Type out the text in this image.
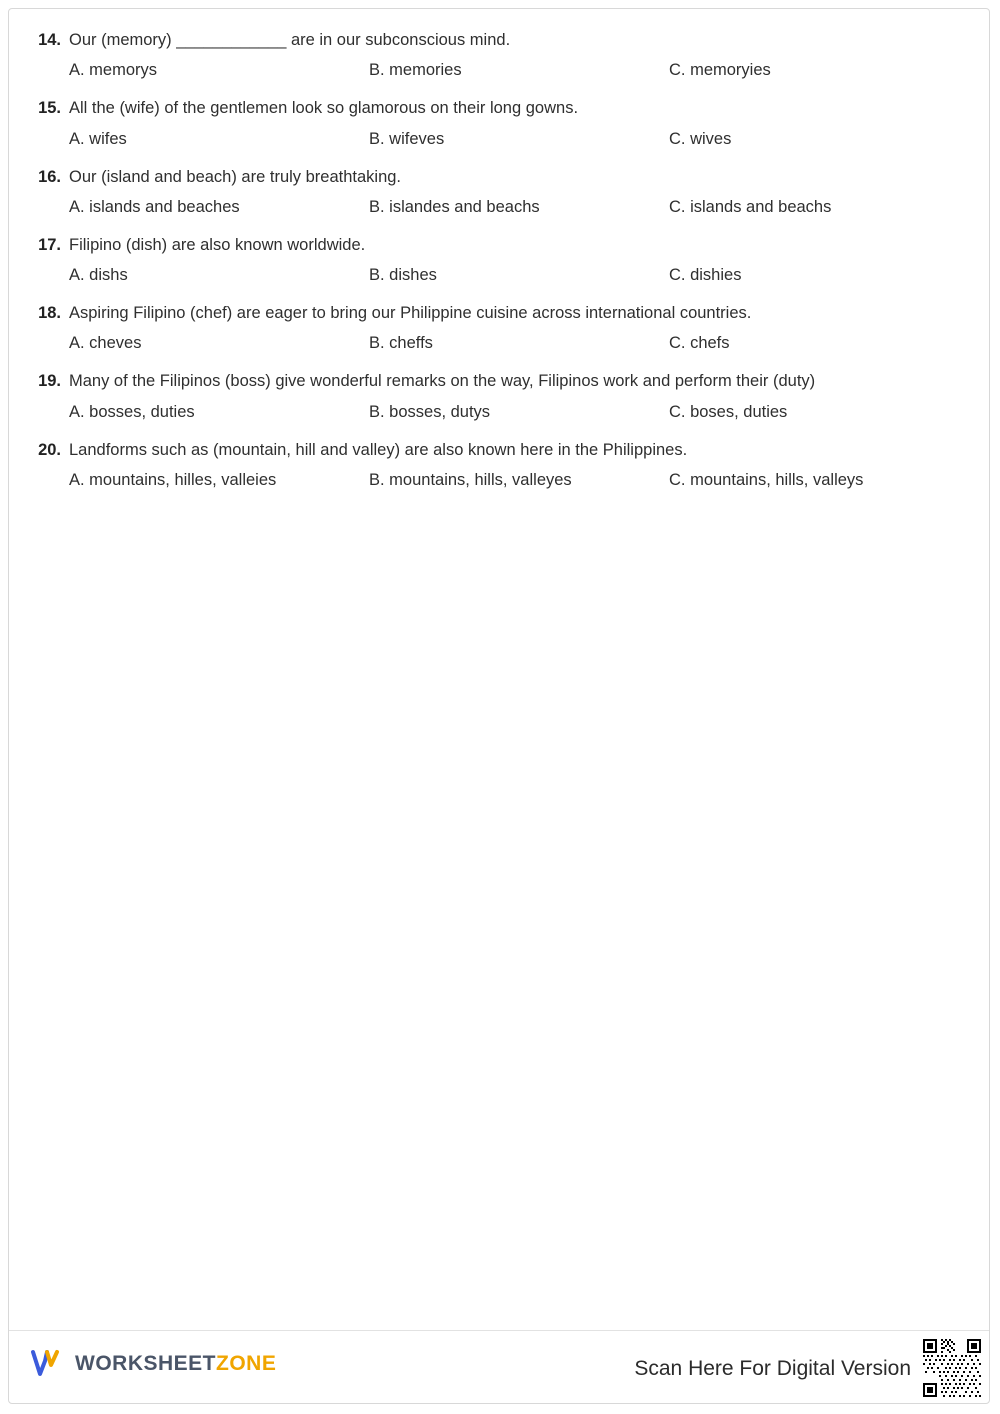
14. Our (memory) ____________ are in our subconscious mind.
A. memorys	B. memories	C. memoryies
15. All the (wife) of the gentlemen look so glamorous on their long gowns.
A. wifes	B. wifeves	C. wives
16. Our (island and beach) are truly breathtaking.
A. islands and beaches	B. islandes and beachs	C. islands and beachs
17. Filipino (dish) are also known worldwide.
A. dishs	B. dishes	C. dishies
18. Aspiring Filipino (chef) are eager to bring our Philippine cuisine across international countries.
A. cheves	B. cheffs	C. chefs
19. Many of the Filipinos (boss) give wonderful remarks on the way, Filipinos work and perform their (duty)
A. bosses, duties	B. bosses, dutys	C. boses, duties
20. Landforms such as (mountain, hill and valley) are also known here in the Philippines.
A. mountains, hilles, valleies	B. mountains, hills, valleyes	C. mountains, hills, valleys
WORKSHEETZONE	Scan Here For Digital Version
